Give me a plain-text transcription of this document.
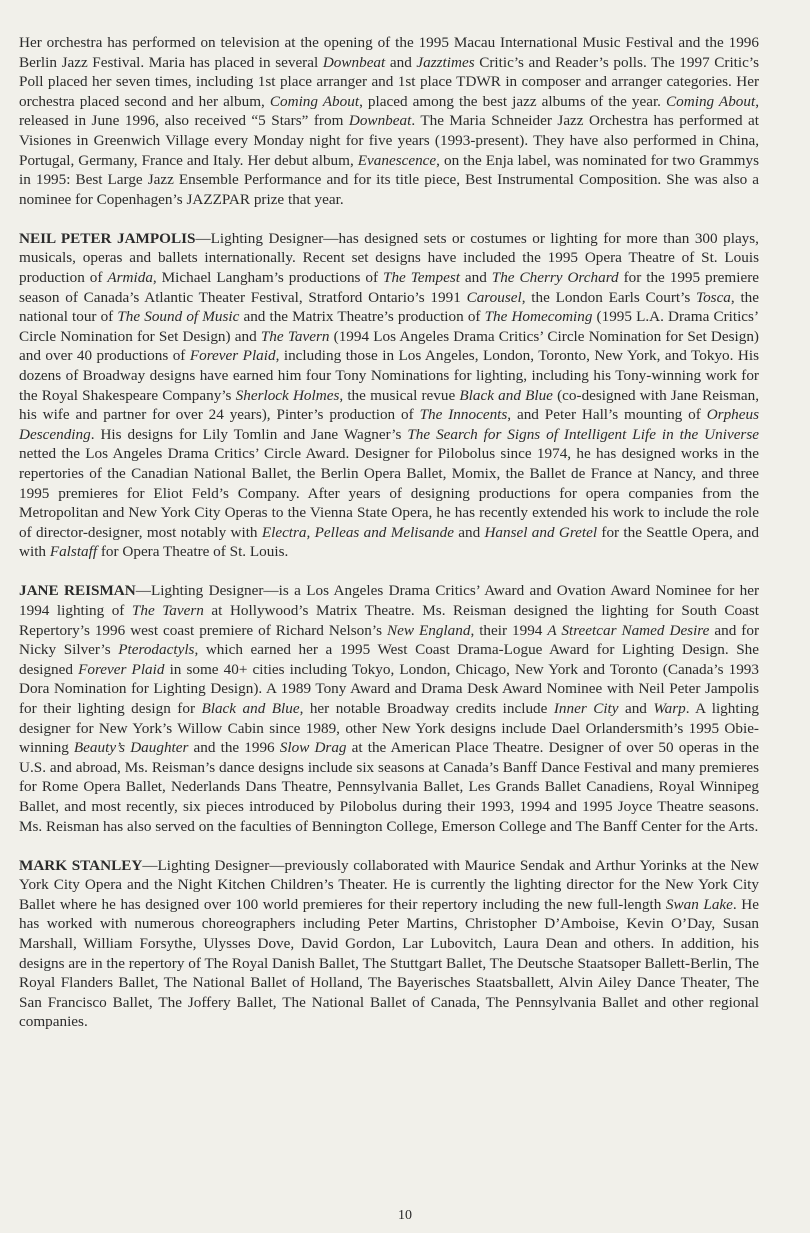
Her orchestra has performed on television at the opening of the 1995 Macau International Music Festival and the 1996 Berlin Jazz Festival. Maria has placed in several Downbeat and Jazztimes Critic’s and Reader’s polls. The 1997 Critic’s Poll placed her seven times, including 1st place arranger and 1st place TDWR in composer and arranger categories. Her orchestra placed second and her album, Coming About, placed among the best jazz albums of the year. Coming About, released in June 1996, also received “5 Stars” from Downbeat. The Maria Schneider Jazz Orchestra has performed at Visiones in Greenwich Village every Monday night for five years (1993-present). They have also performed in China, Portugal, Germany, France and Italy. Her debut album, Evanescence, on the Enja label, was nominated for two Grammys in 1995: Best Large Jazz Ensemble Performance and for its title piece, Best Instrumental Composition. She was also a nominee for Copenhagen’s JAZZPAR prize that year.

NEIL PETER JAMPOLIS—Lighting Designer—has designed sets or costumes or lighting for more than 300 plays, musicals, operas and ballets internationally. Recent set designs have included the 1995 Opera Theatre of St. Louis production of Armida, Michael Langham’s productions of The Tempest and The Cherry Orchard for the 1995 premiere season of Canada’s Atlantic Theater Festival, Stratford Ontario’s 1991 Carousel, the London Earls Court’s Tosca, the national tour of The Sound of Music and the Matrix Theatre’s production of The Homecoming (1995 L.A. Drama Critics’ Circle Nomination for Set Design) and The Tavern (1994 Los Angeles Drama Critics’ Circle Nomination for Set Design) and over 40 productions of Forever Plaid, including those in Los Angeles, London, Toronto, New York, and Tokyo. His dozens of Broadway designs have earned him four Tony Nominations for lighting, including his Tony-winning work for the Royal Shakespeare Company’s Sherlock Holmes, the musical revue Black and Blue (co-designed with Jane Reisman, his wife and partner for over 24 years), Pinter’s production of The Innocents, and Peter Hall’s mounting of Orpheus Descending. His designs for Lily Tomlin and Jane Wagner’s The Search for Signs of Intelligent Life in the Universe netted the Los Angeles Drama Critics’ Circle Award. Designer for Pilobolus since 1974, he has designed works in the repertories of the Canadian National Ballet, the Berlin Opera Ballet, Momix, the Ballet de France at Nancy, and three 1995 premieres for Eliot Feld’s Company. After years of designing productions for opera companies from the Metropolitan and New York City Operas to the Vienna State Opera, he has recently extended his work to include the role of director-designer, most notably with Electra, Pelleas and Melisande and Hansel and Gretel for the Seattle Opera, and with Falstaff for Opera Theatre of St. Louis.

JANE REISMAN—Lighting Designer—is a Los Angeles Drama Critics’ Award and Ovation Award Nominee for her 1994 lighting of The Tavern at Hollywood’s Matrix Theatre. Ms. Reisman designed the lighting for South Coast Repertory’s 1996 west coast premiere of Richard Nelson’s New England, their 1994 A Streetcar Named Desire and for Nicky Silver’s Pterodactyls, which earned her a 1995 West Coast Drama-Logue Award for Lighting Design. She designed Forever Plaid in some 40+ cities including Tokyo, London, Chicago, New York and Toronto (Canada’s 1993 Dora Nomination for Lighting Design). A 1989 Tony Award and Drama Desk Award Nominee with Neil Peter Jampolis for their lighting design for Black and Blue, her notable Broadway credits include Inner City and Warp. A lighting designer for New York’s Willow Cabin since 1989, other New York designs include Dael Orlandersmith’s 1995 Obie-winning Beauty’s Daughter and the 1996 Slow Drag at the American Place Theatre. Designer of over 50 operas in the U.S. and abroad, Ms. Reisman’s dance designs include six seasons at Canada’s Banff Dance Festival and many premieres for Rome Opera Ballet, Nederlands Dans Theatre, Pennsylvania Ballet, Les Grands Ballet Canadiens, Royal Winnipeg Ballet, and most recently, six pieces introduced by Pilobolus during their 1993, 1994 and 1995 Joyce Theatre seasons. Ms. Reisman has also served on the faculties of Bennington College, Emerson College and The Banff Center for the Arts.

MARK STANLEY—Lighting Designer—previously collaborated with Maurice Sendak and Arthur Yorinks at the New York City Opera and the Night Kitchen Children’s Theater. He is currently the lighting director for the New York City Ballet where he has designed over 100 world premieres for their repertory including the new full-length Swan Lake. He has worked with numerous choreographers including Peter Martins, Christopher D’Amboise, Kevin O’Day, Susan Marshall, William Forsythe, Ulysses Dove, David Gordon, Lar Lubovitch, Laura Dean and others. In addition, his designs are in the repertory of The Royal Danish Ballet, The Stuttgart Ballet, The Deutsche Staatsoper Ballett-Berlin, The Royal Flanders Ballet, The National Ballet of Holland, The Bayerisches Staatsballett, Alvin Ailey Dance Theater, The San Francisco Ballet, The Joffery Ballet, The National Ballet of Canada, The Pennsylvania Ballet and other regional companies.

10
